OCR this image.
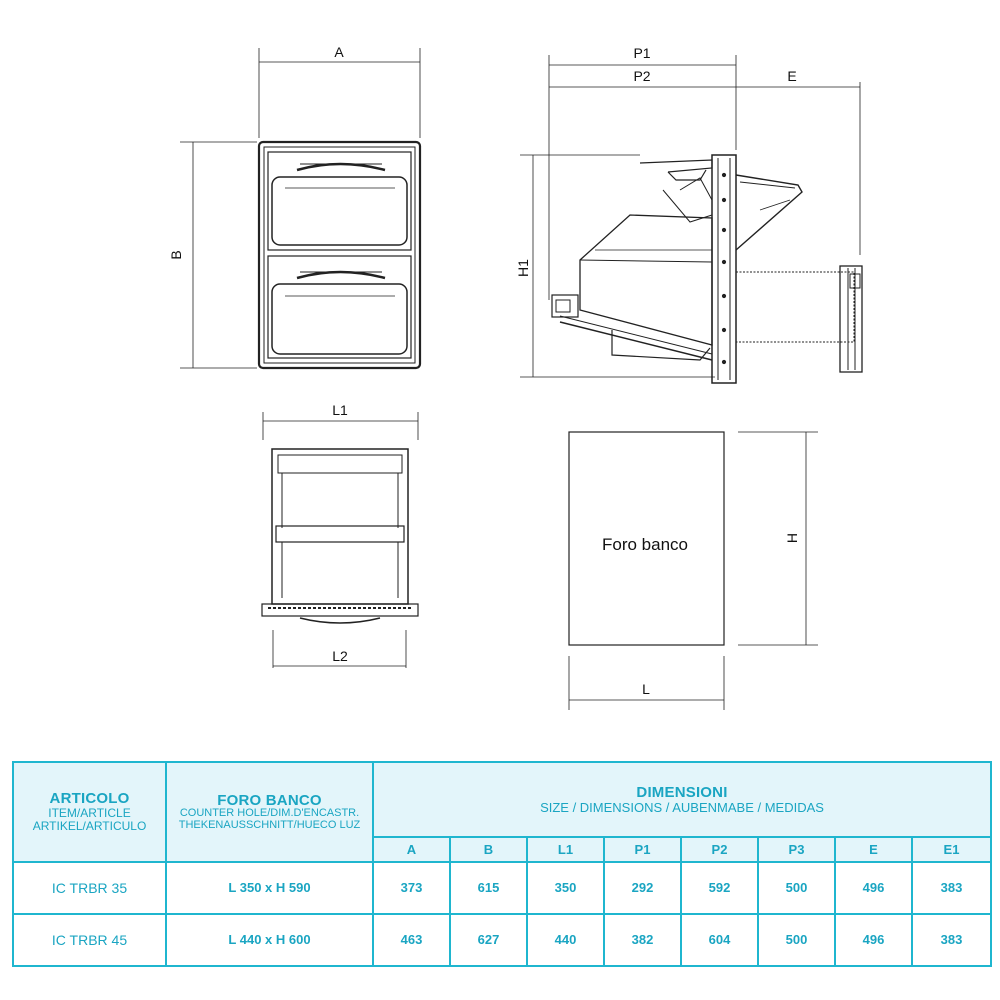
A
B
P1
P2	E
H1
L1
L2
Foro banco	H
L
ARTICOLO
ITEM/ARTICLE
ARTIKEL/ARTICULO	FORO BANCO
COUNTER HOLE/DIM.D'ENCASTR.
THEKENAUSSCHNITT/HUECO LUZ	DIMENSIONI
SIZE / DIMENSIONS / AUBENMABE / MEDIDAS							

		A	B	L1	P1	P2	P3	E	E1
IC TRBR 35	L 350 x H 590	373	615	350	292	592	500	496	383
IC TRBR 45	L 440 x H 600	463	627	440	382	604	500	496	383
